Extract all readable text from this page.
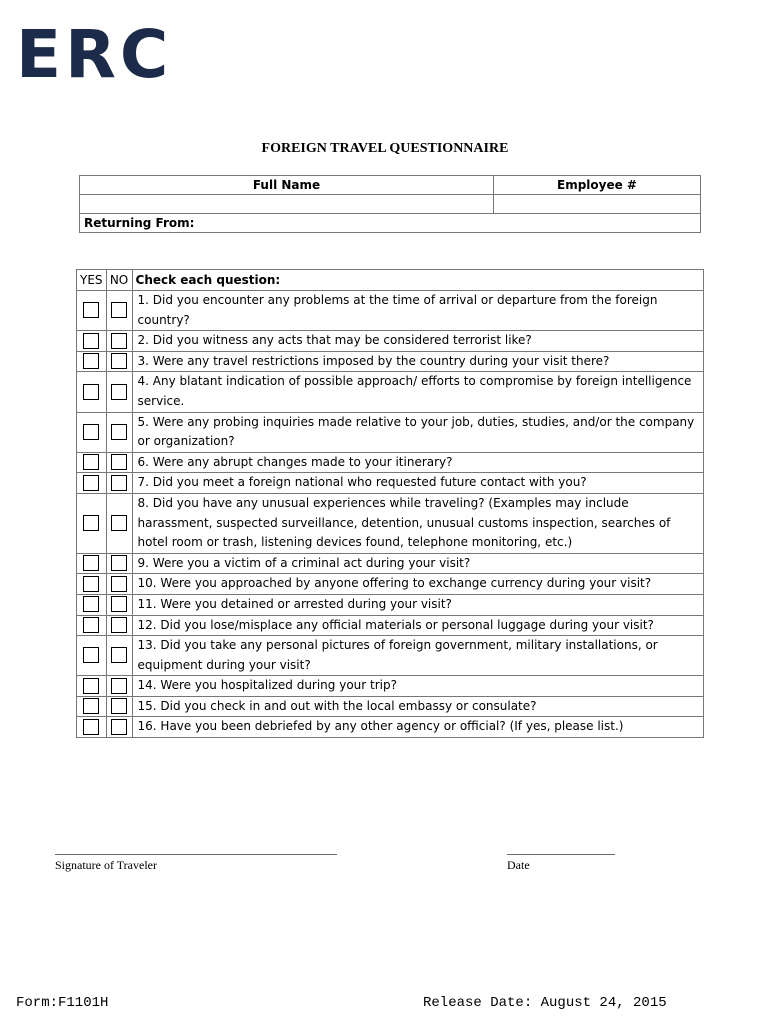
ERC
FOREIGN TRAVEL QUESTIONNAIRE
Full Name	Employee #

Returning From:	
YES	NO	Check each question:
		1. Did you encounter any problems at the time of arrival or departure from the foreign country?
		2. Did you witness any acts that may be considered terrorist like?
		3. Were any travel restrictions imposed by the country during your visit there?
		4. Any blatant indication of possible approach/ efforts to compromise by foreign intelligence service.
		5. Were any probing inquiries made relative to your job, duties, studies, and/or the company or organization?
		6. Were any abrupt changes made to your itinerary?
		7. Did you meet a foreign national who requested future contact with you?
		8. Did you have any unusual experiences while traveling? (Examples may include harassment, suspected surveillance, detention, unusual customs inspection, searches of hotel room or trash, listening devices found, telephone monitoring, etc.)
		9. Were you a victim of a criminal act during your visit?
		10. Were you approached by anyone offering to exchange currency during your visit?
		11. Were you detained or arrested during your visit?
		12. Did you lose/misplace any official materials or personal luggage during your visit?
		13. Did you take any personal pictures of foreign government, military installations, or equipment during your visit?
		14. Were you hospitalized during your trip?
		15. Did you check in and out with the local embassy or consulate?
		16. Have you been debriefed by any other agency or official? (If yes, please list.)
_______________________________________________
Signature of Traveler
__________________
Date
Form:F1101H	Release Date: August 24, 2015
